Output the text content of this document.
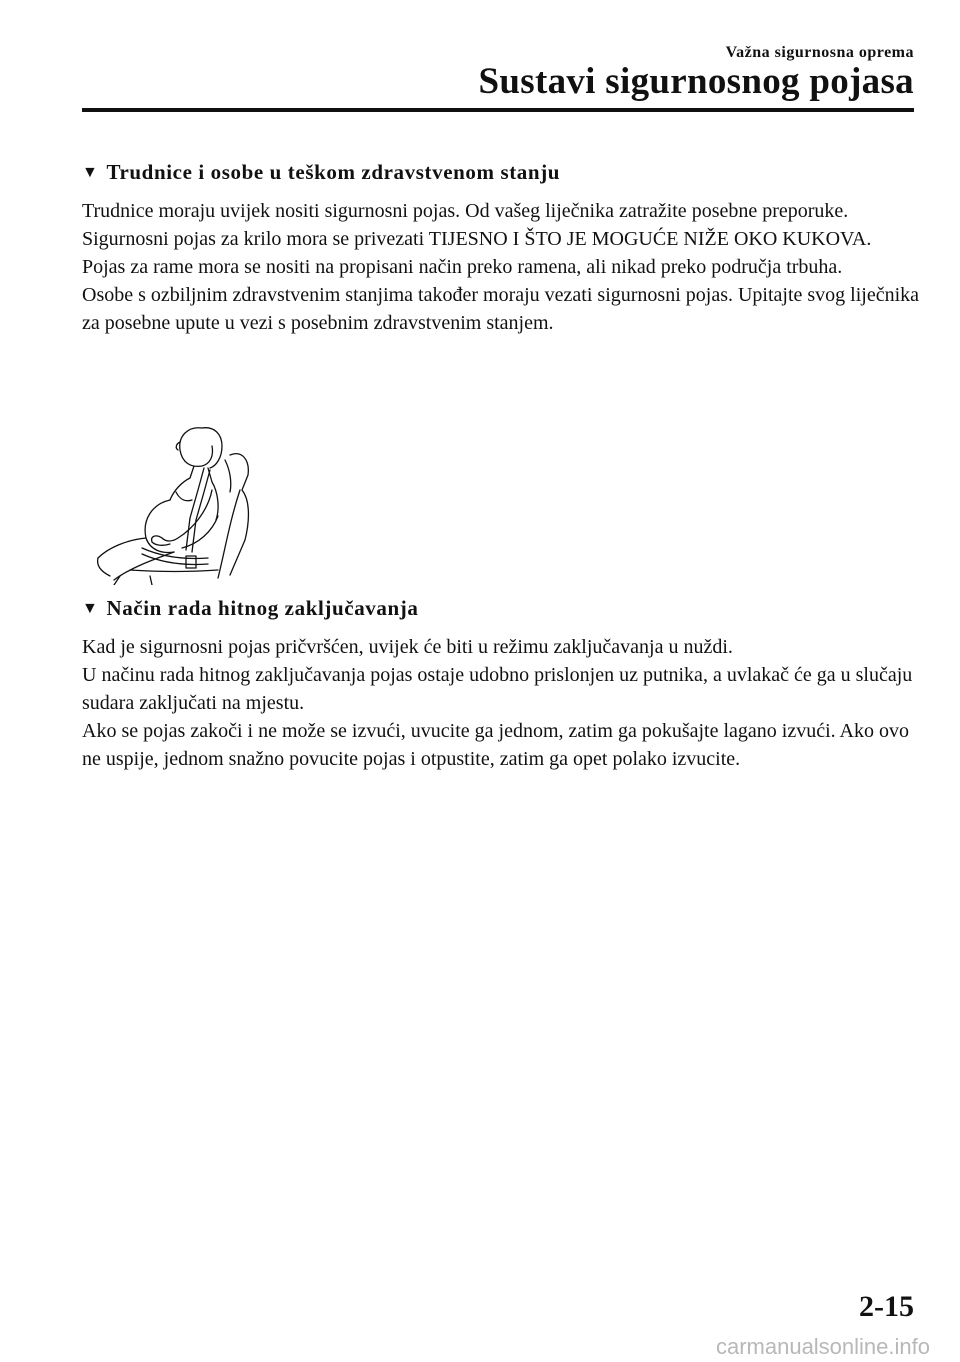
Važna sigurnosna oprema
Sustavi sigurnosnog pojasa
▼ Trudnice i osobe u teškom zdravstvenom stanju

Trudnice moraju uvijek nositi sigurnosni pojas. Od vašeg liječnika zatražite posebne preporuke.

Sigurnosni pojas za krilo mora se privezati TIJESNO I ŠTO JE MOGUĆE NIŽE OKO KUKOVA.

Pojas za rame mora se nositi na propisani način preko ramena, ali nikad preko područja trbuha.

Osobe s ozbiljnim zdravstvenim stanjima također moraju vezati sigurnosni pojas. Upitajte svog liječnika za posebne upute u vezi s posebnim zdravstvenim stanjem.

▼ Način rada hitnog zaključavanja

Kad je sigurnosni pojas pričvršćen, uvijek će biti u režimu zaključavanja u nuždi.

U načinu rada hitnog zaključavanja pojas ostaje udobno prislonjen uz putnika, a uvlakač će ga u slučaju sudara zaključati na mjestu.

Ako se pojas zakoči i ne može se izvući, uvucite ga jednom, zatim ga pokušajte lagano izvući. Ako ovo ne uspije, jednom snažno povucite pojas i otpustite, zatim ga opet polako izvucite.

2-15
carmanualsonline.info
